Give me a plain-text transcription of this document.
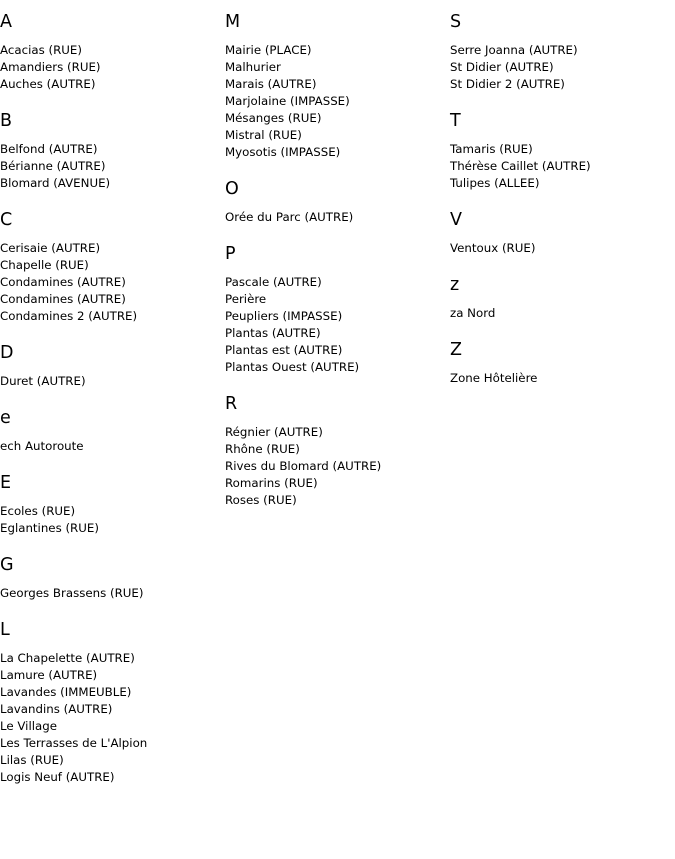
A
Acacias (RUE)
Amandiers (RUE)
Auches (AUTRE)
B
Belfond (AUTRE)
Bérianne (AUTRE)
Blomard (AVENUE)
C
Cerisaie (AUTRE)
Chapelle (RUE)
Condamines (AUTRE)
Condamines (AUTRE)
Condamines 2 (AUTRE)
D
Duret (AUTRE)
e
ech Autoroute
E
Ecoles (RUE)
Eglantines (RUE)
G
Georges Brassens (RUE)
L
La Chapelette (AUTRE)
Lamure (AUTRE)
Lavandes (IMMEUBLE)
Lavandins (AUTRE)
Le Village
Les Terrasses de L'Alpion
Lilas (RUE)
Logis Neuf (AUTRE)
M
Mairie (PLACE)
Malhurier
Marais (AUTRE)
Marjolaine (IMPASSE)
Mésanges (RUE)
Mistral (RUE)
Myosotis (IMPASSE)
O
Orée du Parc (AUTRE)
P
Pascale (AUTRE)
Perière
Peupliers (IMPASSE)
Plantas (AUTRE)
Plantas est (AUTRE)
Plantas Ouest (AUTRE)
R
Régnier (AUTRE)
Rhône (RUE)
Rives du Blomard (AUTRE)
Romarins (RUE)
Roses (RUE)
S
Serre Joanna (AUTRE)
St Didier (AUTRE)
St Didier 2 (AUTRE)
T
Tamaris (RUE)
Thérèse Caillet (AUTRE)
Tulipes (ALLEE)
V
Ventoux (RUE)
z
za Nord
Z
Zone Hôtelière
